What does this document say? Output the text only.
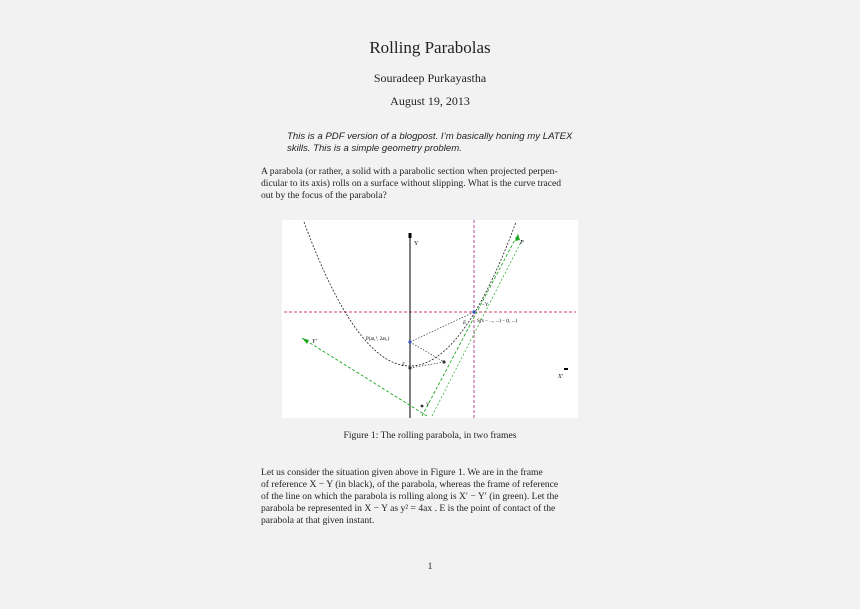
Rolling Parabolas
Souradeep Purkayastha
August 19, 2013
This is a PDF version of a blogpost. I’m basically honing my LATEX
skills. This is a simple geometry problem.
A parabola (or rather, a solid with a parabolic section when projected perpen-
dicular to its axis) rolls on a surface without slipping. What is the curve traced
out by the focus of the parabola?
Y	P
Y′
X′
P(at₁², 2at₁)
S(x − ..., ...) − (t, ...)
−Y
E
F
V
Figure 1: The rolling parabola, in two frames
Let us consider the situation given above in Figure 1. We are in the frame
of reference X − Y (in black), of the parabola, whereas the frame of reference
of the line on which the parabola is rolling along is X′ − Y′ (in green). Let the
parabola be represented in X − Y as y² = 4ax . E is the point of contact of the
parabola at that given instant.
1
